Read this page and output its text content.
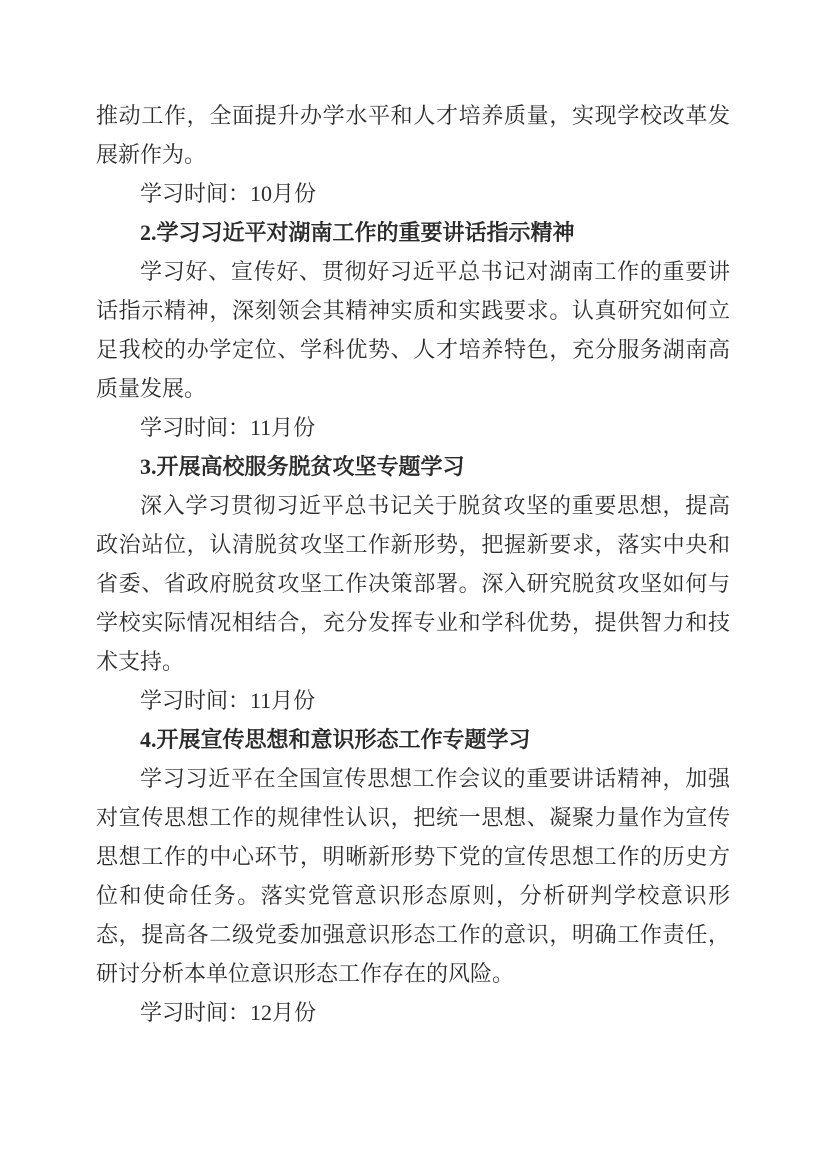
推动工作，全面提升办学水平和人才培养质量，实现学校改革发展新作为。

学习时间：10月份

2.学习习近平对湖南工作的重要讲话指示精神

学习好、宣传好、贯彻好习近平总书记对湖南工作的重要讲话指示精神，深刻领会其精神实质和实践要求。认真研究如何立足我校的办学定位、学科优势、人才培养特色，充分服务湖南高质量发展。

学习时间：11月份

3.开展高校服务脱贫攻坚专题学习

深入学习贯彻习近平总书记关于脱贫攻坚的重要思想，提高政治站位，认清脱贫攻坚工作新形势，把握新要求，落实中央和省委、省政府脱贫攻坚工作决策部署。深入研究脱贫攻坚如何与学校实际情况相结合，充分发挥专业和学科优势，提供智力和技术支持。

学习时间：11月份

4.开展宣传思想和意识形态工作专题学习

学习习近平在全国宣传思想工作会议的重要讲话精神，加强对宣传思想工作的规律性认识，把统一思想、凝聚力量作为宣传思想工作的中心环节，明晰新形势下党的宣传思想工作的历史方位和使命任务。落实党管意识形态原则，分析研判学校意识形态，提高各二级党委加强意识形态工作的意识，明确工作责任，研讨分析本单位意识形态工作存在的风险。

学习时间：12月份
